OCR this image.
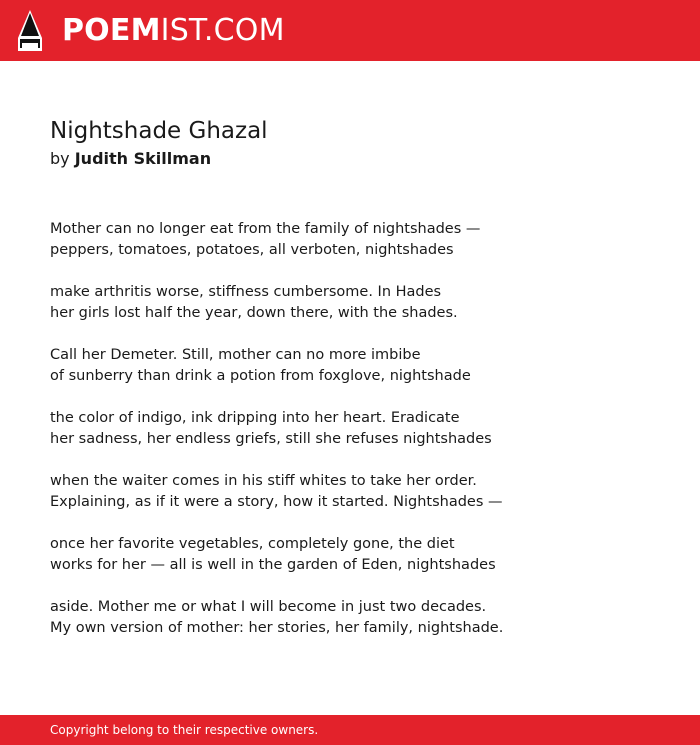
POEMIST.COM
Nightshade Ghazal
by Judith Skillman
Mother can no longer eat from the family of nightshades —
peppers, tomatoes, potatoes, all verboten, nightshades
make arthritis worse, stiffness cumbersome. In Hades
her girls lost half the year, down there, with the shades.
Call her Demeter. Still, mother can no more imbibe
of sunberry than drink a potion from foxglove, nightshade
the color of indigo, ink dripping into her heart. Eradicate
her sadness, her endless griefs, still she refuses nightshades
when the waiter comes in his stiff whites to take her order.
Explaining, as if it were a story, how it started. Nightshades —
once her favorite vegetables, completely gone, the diet
works for her — all is well in the garden of Eden, nightshades
aside. Mother me or what I will become in just two decades.
My own version of mother: her stories, her family, nightshade.
Copyright belong to their respective owners.
